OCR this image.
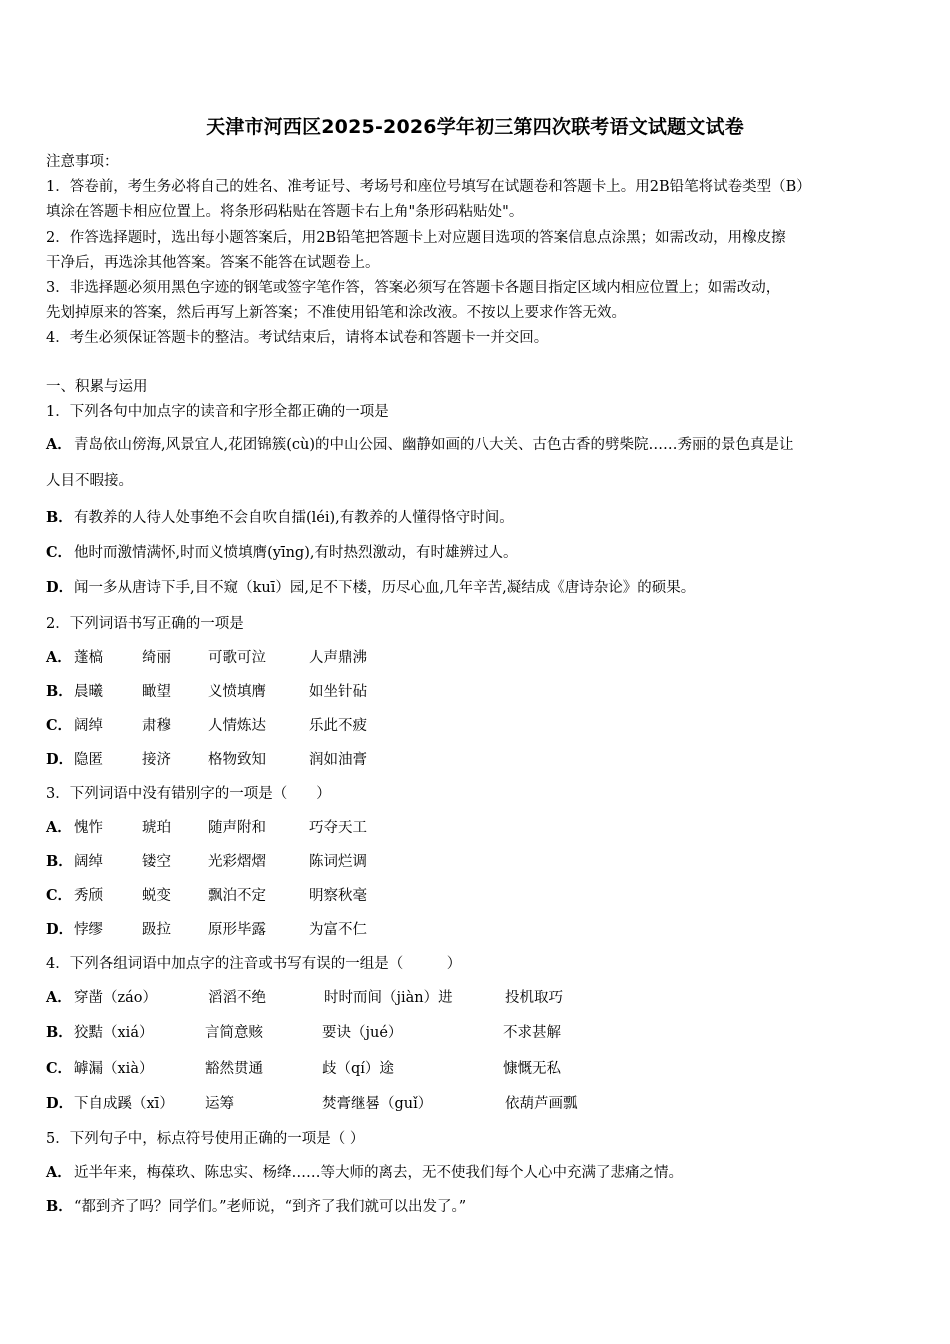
天津市河西区2025-2026学年初三第四次联考语文试题文试卷
注意事项：
1．答卷前，考生务必将自己的姓名、准考证号、考场号和座位号填写在试题卷和答题卡上。用2B铅笔将试卷类型（B）
填涂在答题卡相应位置上。将条形码粘贴在答题卡右上角"条形码粘贴处"。
2．作答选择题时，选出每小题答案后，用2B铅笔把答题卡上对应题目选项的答案信息点涂黑；如需改动，用橡皮擦
干净后，再选涂其他答案。答案不能答在试题卷上。
3．非选择题必须用黑色字迹的钢笔或签字笔作答，答案必须写在答题卡各题目指定区域内相应位置上；如需改动，
先划掉原来的答案，然后再写上新答案；不准使用铅笔和涂改液。不按以上要求作答无效。
4．考生必须保证答题卡的整洁。考试结束后，请将本试卷和答题卡一并交回。
一、积累与运用
1．下列各句中加点字的读音和字形全都正确的一项是
A． 青岛依山傍海,风景宜人,花团锦簇(cù)的中山公园、幽静如画的八大关、古色古香的劈柴院……秀丽的景色真是让
人目不暇接。
B．有教养的人待人处事绝不会自吹自擂(léi),有教养的人懂得恪守时间。
C． 他时而激情满怀,时而义愤填膺(yīng),有时热烈激动，有时雄辨过人。
D．闻一多从唐诗下手,目不窥（kuī）园,足不下楼，历尽心血,几年辛苦,凝结成《唐诗杂论》的硕果。
2．下列词语书写正确的一项是
A． 蓬槁	绮丽	可歌可泣	人声鼎沸
B． 晨曦	瞰望	义愤填膺	如坐针砧
C． 阔绰	肃穆	人情炼达	乐此不疲
D． 隐匿	接济	格物致知	润如油膏
3．下列词语中没有错别字的一项是（　　）
A． 愧怍	琥珀	随声附和	巧夺天工
B． 阔绰	镂空	光彩熠熠	陈词烂调
C． 秀颀	蜕变	飘泊不定	明察秋毫
D． 悖缪	趿拉	原形毕露	为富不仁
4．下列各组词语中加点字的注音或书写有误的一组是（　　　）
A． 穿凿（záo）	滔滔不绝	时时而间（jiàn）进	投机取巧
B． 狡黠（xiá）	言简意赅	要诀（jué）	不求甚解
C． 罅漏（xià）	豁然贯通	歧（qí）途	慷慨无私
D． 下自成蹊（xī） 运筹	焚膏继晷（guǐ）	依葫芦画瓢
5．下列句子中，标点符号使用正确的一项是（ ）
A． 近半年来，梅葆玖、陈忠实、杨绛……等大师的离去，无不使我们每个人心中充满了悲痛之情。
B．“都到齐了吗？同学们。”老师说，“到齐了我们就可以出发了。”
